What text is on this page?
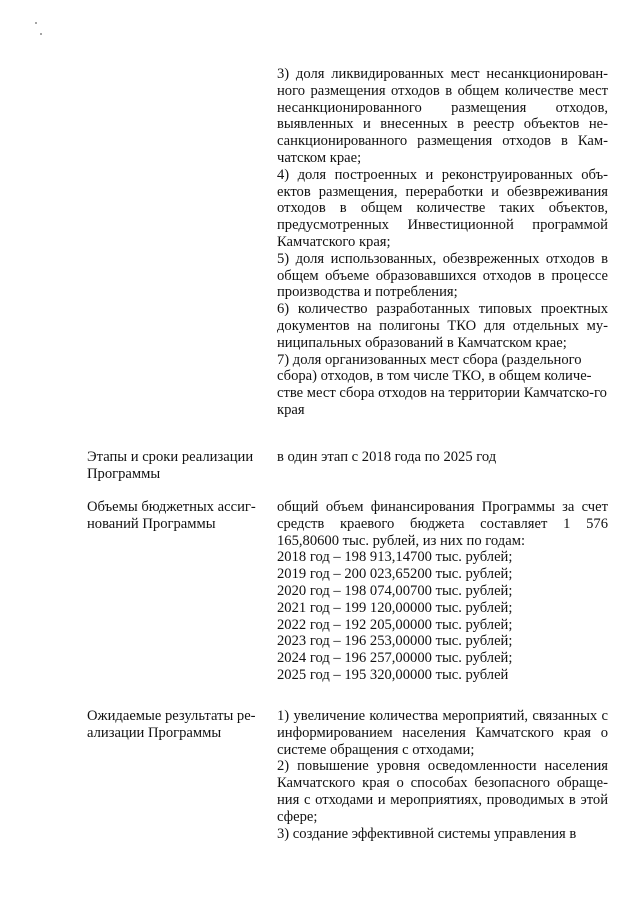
3) доля ликвидированных мест несанкционирован-ного размещения отходов в общем количестве мест несанкционированного размещения отходов, выявленных и внесенных в реестр объектов не-санкционированного размещения отходов в Кам-чатском крае;

4) доля построенных и реконструированных объ-ектов размещения, переработки и обезвреживания отходов в общем количестве таких объектов, предусмотренных Инвестиционной программой Камчатского края;

5) доля использованных, обезвреженных отходов в общем объеме образовавшихся отходов в процессе производства и потребления;

6) количество разработанных типовых проектных документов на полигоны ТКО для отдельных му-ниципальных образований в Камчатском крае;

7) доля организованных мест сбора (раздельного сбора) отходов, в том числе ТКО, в общем количе-стве мест сбора отходов на территории Камчатско-го края

Этапы и сроки реализации Программы
в один этап с 2018 года по 2025 год
Объемы бюджетных ассиг-нований Программы

общий объем финансирования Программы за счет средств краевого бюджета составляет 1 576 165,80600 тыс. рублей, из них по годам:

2018 год – 198 913,14700 тыс. рублей;
2019 год – 200 023,65200 тыс. рублей;
2020 год – 198 074,00700 тыс. рублей;
2021 год – 199 120,00000 тыс. рублей;
2022 год – 192 205,00000 тыс. рублей;
2023 год – 196 253,00000 тыс. рублей;
2024 год – 196 257,00000 тыс. рублей;
2025 год – 195 320,00000 тыс. рублей
Ожидаемые результаты ре-ализации Программы

1) увеличение количества мероприятий, связанных с информированием населения Камчатского края о системе обращения с отходами;

2) повышение уровня осведомленности населения Камчатского края о способах безопасного обраще-ния с отходами и мероприятиях, проводимых в этой сфере;

3) создание эффективной системы управления в
